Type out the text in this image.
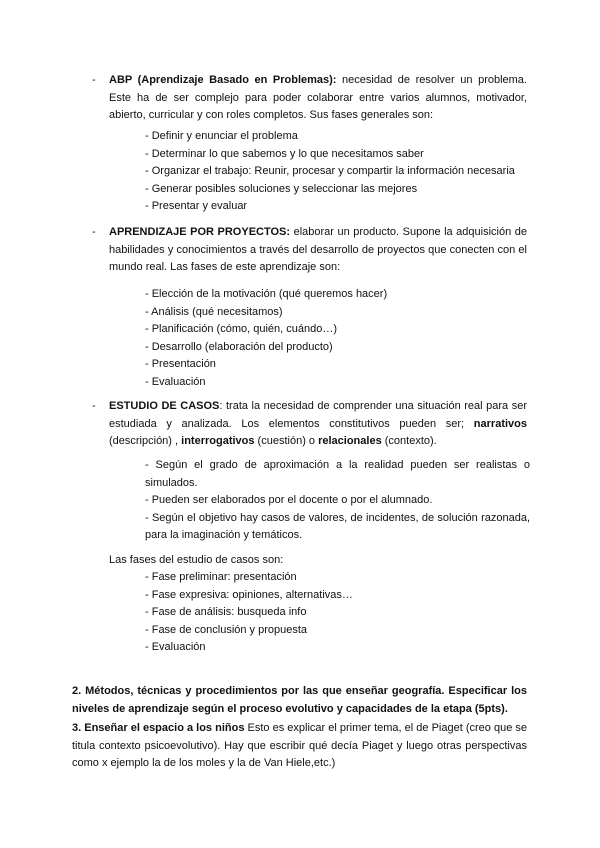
- ABP (Aprendizaje Basado en Problemas): necesidad de resolver un problema. Este ha de ser complejo para poder colaborar entre varios alumnos, motivador, abierto, curricular y con roles completos. Sus fases generales son:

- Definir y enunciar el problema
- Determinar lo que sabemos y lo que necesitamos saber
- Organizar el trabajo: Reunir, procesar y compartir la información necesaria
- Generar posibles soluciones y seleccionar las mejores
- Presentar y evaluar
- APRENDIZAJE POR PROYECTOS: elaborar un producto. Supone la adquisición de habilidades y conocimientos a través del desarrollo de proyectos que conecten con el mundo real. Las fases de este aprendizaje son:

- Elección de la motivación (qué queremos hacer)
- Análisis (qué necesitamos)
- Planificación (cómo, quién, cuándo…)
- Desarrollo (elaboración del producto)
- Presentación
- Evaluación
- ESTUDIO DE CASOS: trata la necesidad de comprender una situación real para ser estudiada y analizada. Los elementos constitutivos pueden ser; narrativos (descripción) , interrogativos (cuestión) o relacionales (contexto).

- Según el grado de aproximación a la realidad pueden ser realistas o simulados.
- Pueden ser elaborados por el docente o por el alumnado.
- Según el objetivo hay casos de valores, de incidentes, de solución razonada, para la imaginación y temáticos.
Las fases del estudio de casos son:
- Fase preliminar: presentación
- Fase expresiva: opiniones, alternativas…
- Fase de análisis: busqueda info
- Fase de conclusión y propuesta
- Evaluación

2. Métodos, técnicas y procedimientos por las que enseñar geografía. Especificar los niveles de aprendizaje según el proceso evolutivo y capacidades de la etapa (5pts).

3. Enseñar el espacio a los niños Esto es explicar el primer tema, el de Piaget (creo que se titula contexto psicoevolutivo). Hay que escribir qué decía Piaget y luego otras perspectivas como x ejemplo la de los moles y la de Van Hiele,etc.)
